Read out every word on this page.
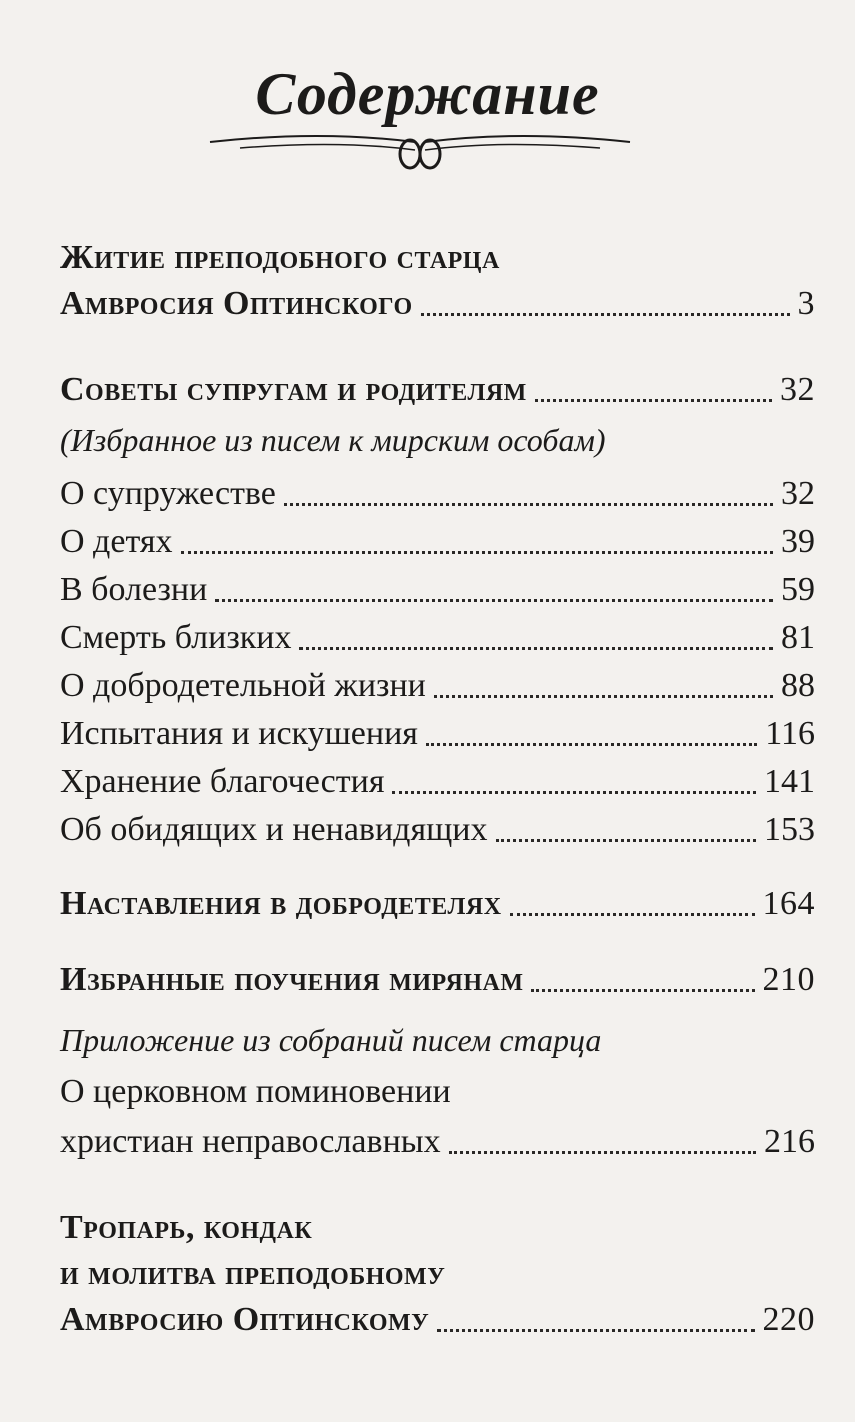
Содержание
Житие преподобного старца
Амвросия Оптинского	3
Советы супругам и родителям	32
(Избранное из писем к мирским особам)
О супружестве	32
О детях	39
В болезни	59
Смерть близких	81
О добродетельной жизни	88
Испытания и искушения	116
Хранение благочестия	141
Об обидящих и ненавидящих	153
Наставления в добродетелях	164
Избранные поучения мирянам	210
Приложение из собраний писем старца
О церковном поминовении
христиан неправославных	216
Тропарь, кондак
и молитва преподобному
Амвросию Оптинскому	220
